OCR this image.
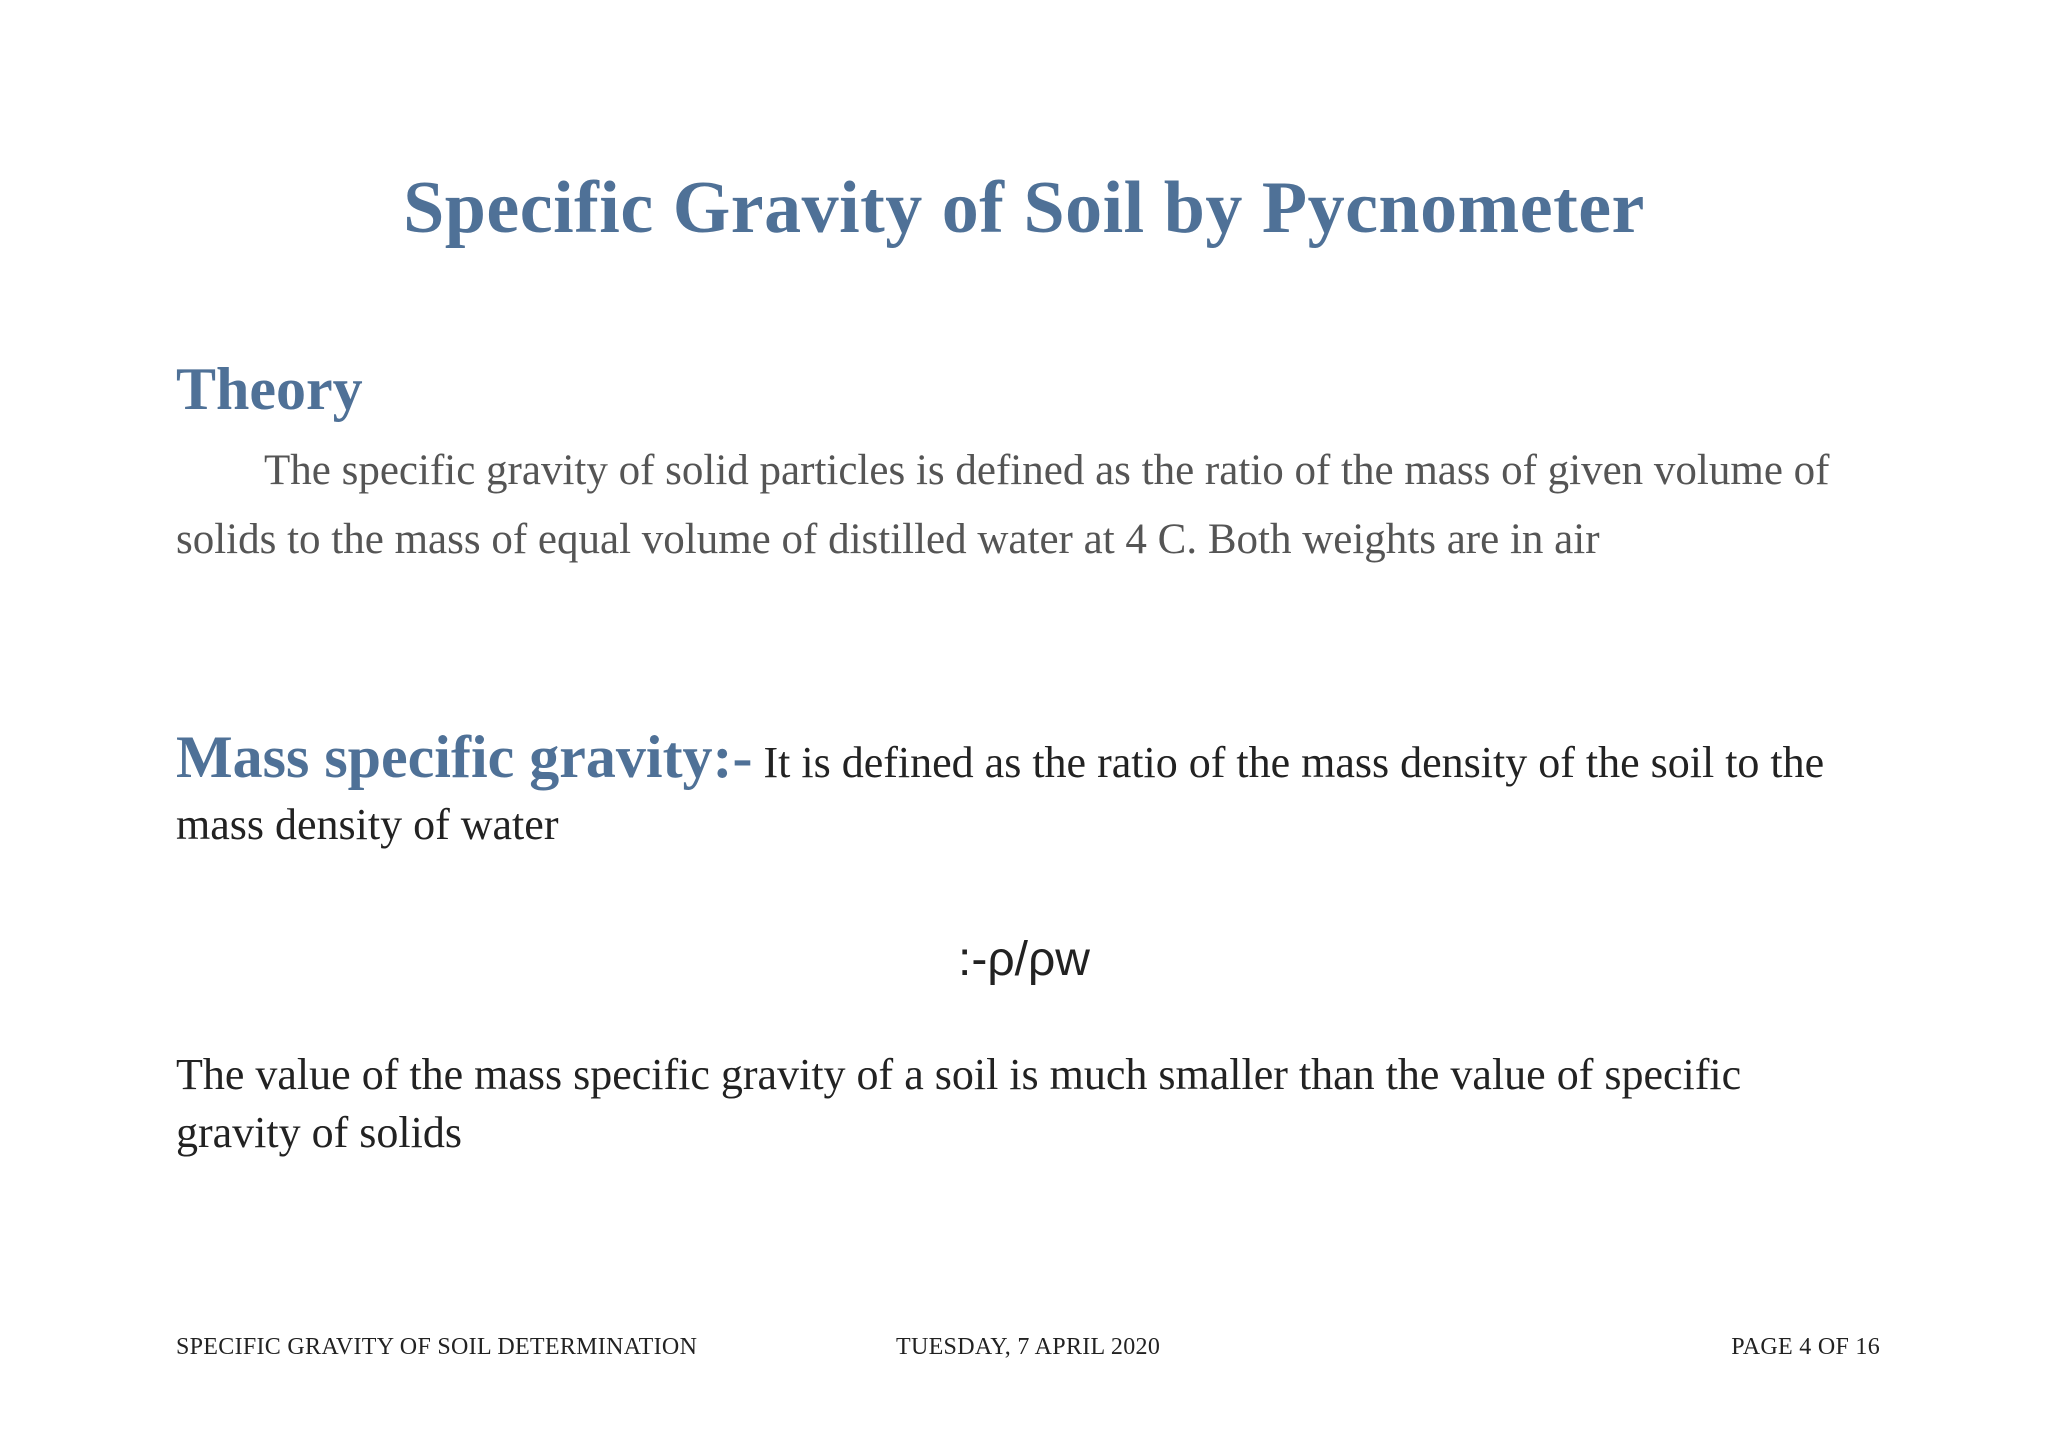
Specific Gravity of Soil by Pycnometer
Theory
The specific gravity of solid particles is defined as the ratio of the mass of given volume of solids to the mass of equal volume of distilled water at 4 C. Both weights are in air
Mass specific gravity:- It is defined as the ratio of the mass density of the soil to the mass density of water
:-ρ/ρw
The value of the mass specific gravity of a soil is much smaller than the value of specific gravity of solids
SPECIFIC GRAVITY OF SOIL DETERMINATION	TUESDAY, 7 APRIL 2020	PAGE 4 OF 16
